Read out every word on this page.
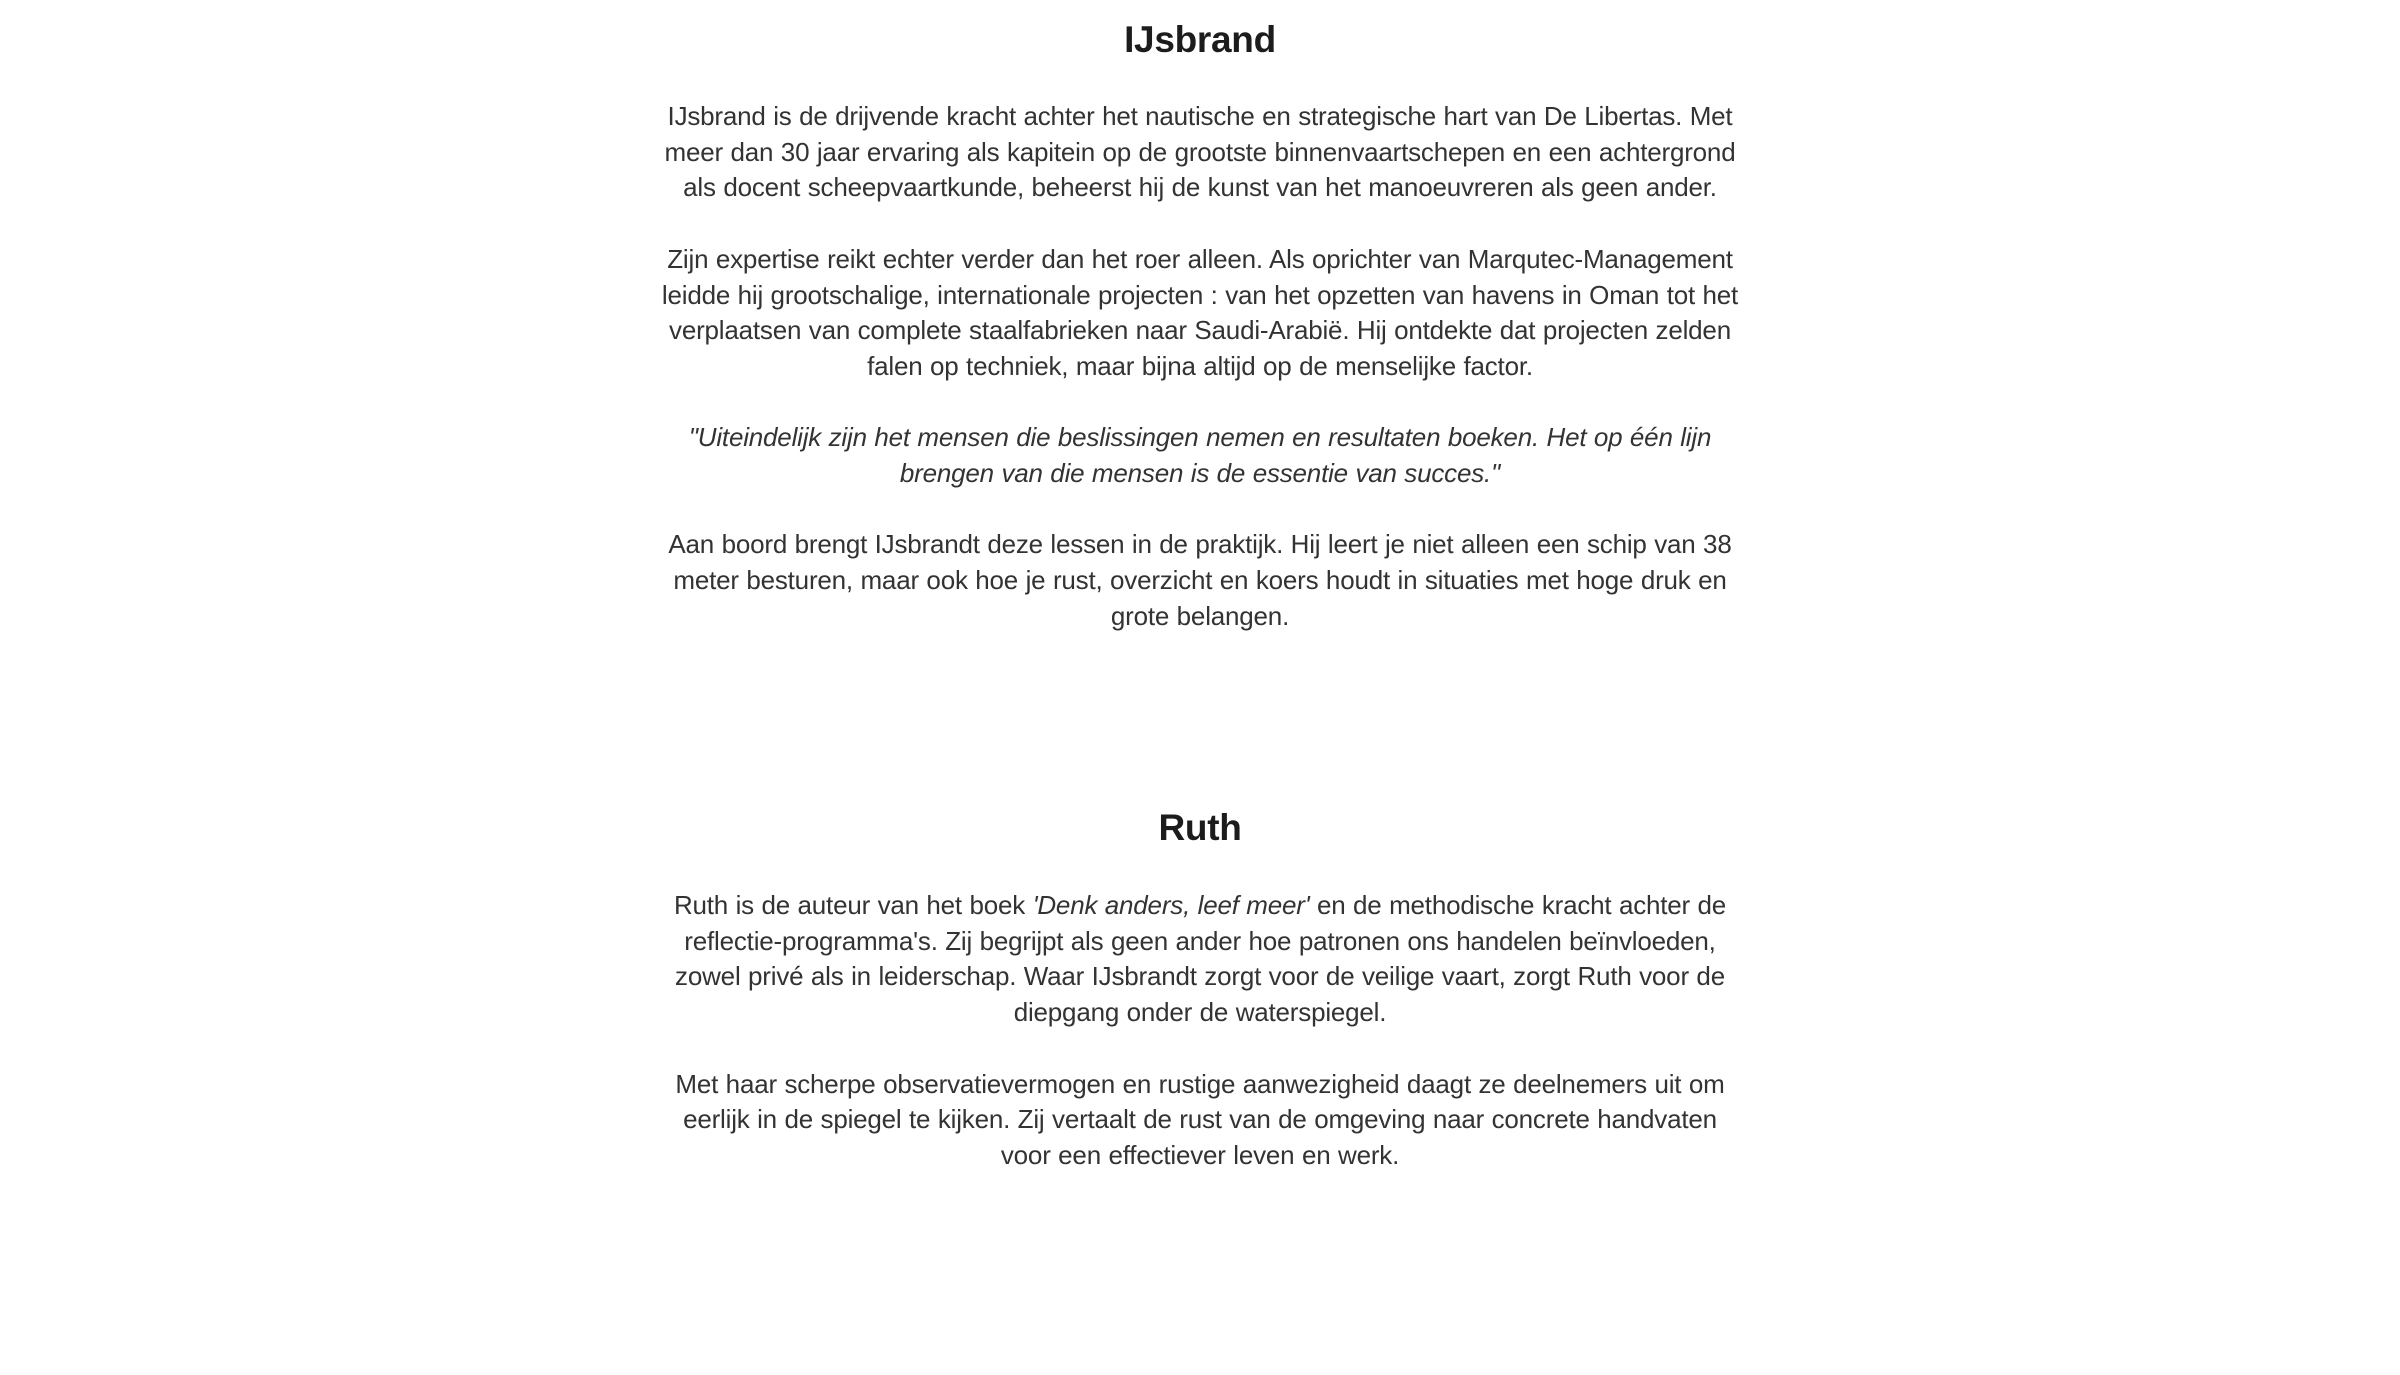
IJsbrand

IJsbrand is de drijvende kracht achter het nautische en strategische hart van De Libertas. Met meer dan 30 jaar ervaring als kapitein op de grootste binnenvaartschepen en een achtergrond als docent scheepvaartkunde, beheerst hij de kunst van het manoeuvreren als geen ander.

Zijn expertise reikt echter verder dan het roer alleen. Als oprichter van Marqutec-Management leidde hij grootschalige, internationale projecten : van het opzetten van havens in Oman tot het verplaatsen van complete staalfabrieken naar Saudi-Arabië. Hij ontdekte dat projecten zelden falen op techniek, maar bijna altijd op de menselijke factor.

"Uiteindelijk zijn het mensen die beslissingen nemen en resultaten boeken. Het op één lijn brengen van die mensen is de essentie van succes."

Aan boord brengt IJsbrandt deze lessen in de praktijk. Hij leert je niet alleen een schip van 38 meter besturen, maar ook hoe je rust, overzicht en koers houdt in situaties met hoge druk en grote belangen.

Ruth

Ruth is de auteur van het boek 'Denk anders, leef meer' en de methodische kracht achter de reflectie-programma's. Zij begrijpt als geen ander hoe patronen ons handelen beïnvloeden, zowel privé als in leiderschap. Waar IJsbrandt zorgt voor de veilige vaart, zorgt Ruth voor de diepgang onder de waterspiegel.

Met haar scherpe observatievermogen en rustige aanwezigheid daagt ze deelnemers uit om eerlijk in de spiegel te kijken. Zij vertaalt de rust van de omgeving naar concrete handvaten voor een effectiever leven en werk.
